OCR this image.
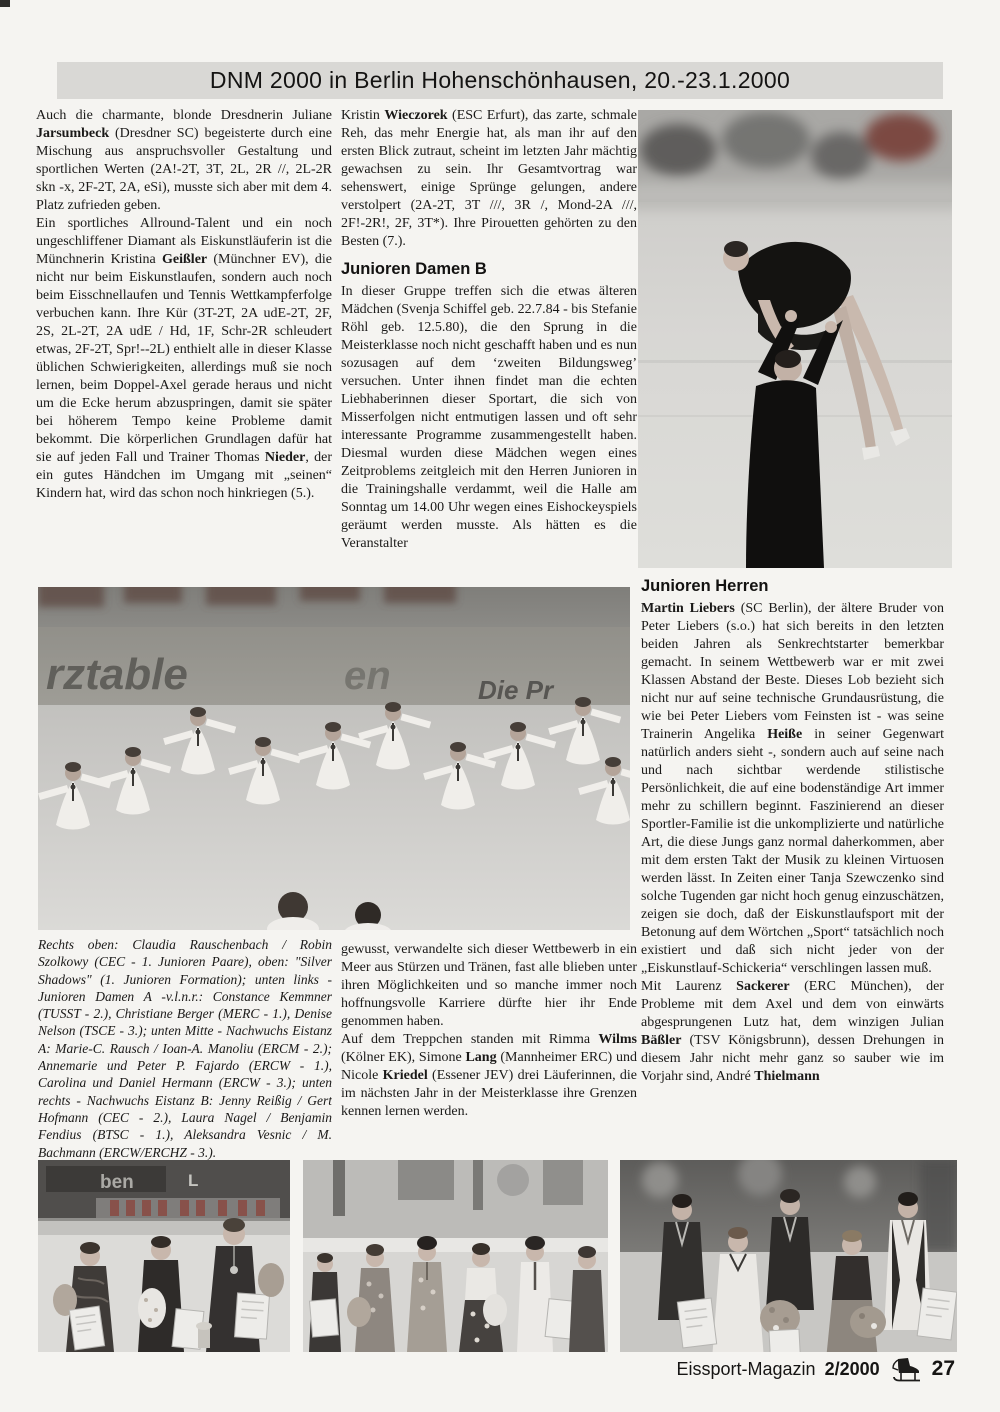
DNM 2000 in Berlin Hohenschönhausen, 20.-23.1.2000

Auch die charmante, blonde Dresdnerin Juliane Jarsumbeck (Dresdner SC) begeisterte durch eine Mischung aus anspruchsvoller Gestaltung und sportlichen Werten (2A!-2T, 3T, 2L, 2R //, 2L-2R skn -x, 2F-2T, 2A, eSi), musste sich aber mit dem 4. Platz zufrieden geben.

Ein sportliches Allround-Talent und ein noch ungeschliffener Diamant als Eiskunstläuferin ist die Münchnerin Kristina Geißler (Münchner EV), die nicht nur beim Eiskunstlaufen, sondern auch noch beim Eisschnellaufen und Tennis Wettkampferfolge verbuchen kann. Ihre Kür (3T-2T, 2A udE-2T, 2F, 2S, 2L-2T, 2A udE / Hd, 1F, Schr-2R schleudert etwas, 2F-2T, Spr!--2L) enthielt alle in dieser Klasse üblichen Schwierigkeiten, allerdings muß sie noch lernen, beim Doppel-Axel gerade heraus und nicht um die Ecke herum abzuspringen, damit sie später bei höherem Tempo keine Probleme damit bekommt. Die körperlichen Grundlagen dafür hat sie auf jeden Fall und Trainer Thomas Nieder, der ein gutes Händchen im Umgang mit „seinen“ Kindern hat, wird das schon noch hinkriegen (5.).

Kristin Wieczorek (ESC Erfurt), das zarte, schmale Reh, das mehr Energie hat, als man ihr auf den ersten Blick zutraut, scheint im letzten Jahr mächtig gewachsen zu sein. Ihr Gesamtvortrag war sehenswert, einige Sprünge gelungen, andere verstolpert (2A-2T, 3T ///, 3R /, Mond-2A ///, 2F!-2R!, 2F, 3T*). Ihre Pirouetten gehörten zu den Besten (7.).

Junioren Damen B

In dieser Gruppe treffen sich die etwas älteren Mädchen (Svenja Schiffel geb. 22.7.84 - bis Stefanie Röhl geb. 12.5.80), die den Sprung in die Meisterklasse noch nicht geschafft haben und es nun sozusagen auf dem ‘zweiten Bildungsweg’ versuchen. Unter ihnen findet man die echten Liebhaberinnen dieser Sportart, die sich von Misserfolgen nicht entmutigen lassen und oft sehr interessante Programme zusammengestellt haben. Diesmal wurden diese Mädchen wegen eines Zeitproblems zeitgleich mit den Herren Junioren in die Trainingshalle verdammt, weil die Halle am Sonntag um 14.00 Uhr wegen eines Eishockeyspiels geräumt werden musste. Als hätten es die Veranstalter

rztable	en	Die Pr
Rechts oben: Claudia Rauschenbach / Robin Szolkowy (CEC - 1. Junioren Paare), oben: "Silver Shadows" (1. Junioren Formation); unten links - Junioren Damen A -v.l.n.r.: Constance Kemmner (TUSST - 2.), Christiane Berger (MERC - 1.), Denise Nelson (TSCE - 3.); unten Mitte - Nachwuchs Eistanz A: Marie-C. Rausch / Ioan-A. Manoliu (ERCM - 2.); Annemarie und Peter P. Fajardo (ERCW - 1.), Carolina und Daniel Hermann (ERCW - 3.); unten rechts - Nachwuchs Eistanz B: Jenny Reißig / Gert Hofmann (CEC - 2.), Laura Nagel / Benjamin Fendius (BTSC - 1.), Aleksandra Vesnic / M. Bachmann (ERCW/ERCHZ - 3.).

gewusst, verwandelte sich dieser Wettbewerb in ein Meer aus Stürzen und Tränen, fast alle blieben unter ihren Möglichkeiten und so manche immer noch hoffnungsvolle Karriere dürfte hier ihr Ende genommen haben.

Auf dem Treppchen standen mit Rimma Wilms (Kölner EK), Simone Lang (Mannheimer ERC) und Nicole Kriedel (Essener JEV) drei Läuferinnen, die im nächsten Jahr in der Meisterklasse ihre Grenzen kennen lernen werden.

Junioren Herren

Martin Liebers (SC Berlin), der ältere Bruder von Peter Liebers (s.o.) hat sich bereits in den letzten beiden Jahren als Senkrechtstarter bemerkbar gemacht. In seinem Wettbewerb war er mit zwei Klassen Abstand der Beste. Dieses Lob bezieht sich nicht nur auf seine technische Grundausrüstung, die wie bei Peter Liebers vom Feinsten ist - was seine Trainerin Angelika Heiße in seiner Gegenwart natürlich anders sieht -, sondern auch auf seine nach und nach sichtbar werdende stilistische Persönlichkeit, die auf eine bodenständige Art immer mehr zu schillern beginnt. Faszinierend an dieser Sportler-Familie ist die unkomplizierte und natürliche Art, die diese Jungs ganz normal daherkommen, aber mit dem ersten Takt der Musik zu kleinen Virtuosen werden lässt. In Zeiten einer Tanja Szewczenko sind solche Tugenden gar nicht hoch genug einzuschätzen, zeigen sie doch, daß der Eiskunstlaufsport mit der Betonung auf dem Wörtchen „Sport“ tatsächlich noch existiert und daß sich nicht jeder von der „Eiskunstlauf-Schickeria“ verschlingen lassen muß.

Mit Laurenz Sackerer (ERC München), der Probleme mit dem Axel und dem von einwärts abgesprungenen Lutz hat, dem winzigen Julian Bäßler (TSV Königsbrunn), dessen Drehungen in diesem Jahr nicht mehr ganz so sauber wie im Vorjahr sind, André Thielmann

ben	L
Eissport-Magazin 2/2000 27
